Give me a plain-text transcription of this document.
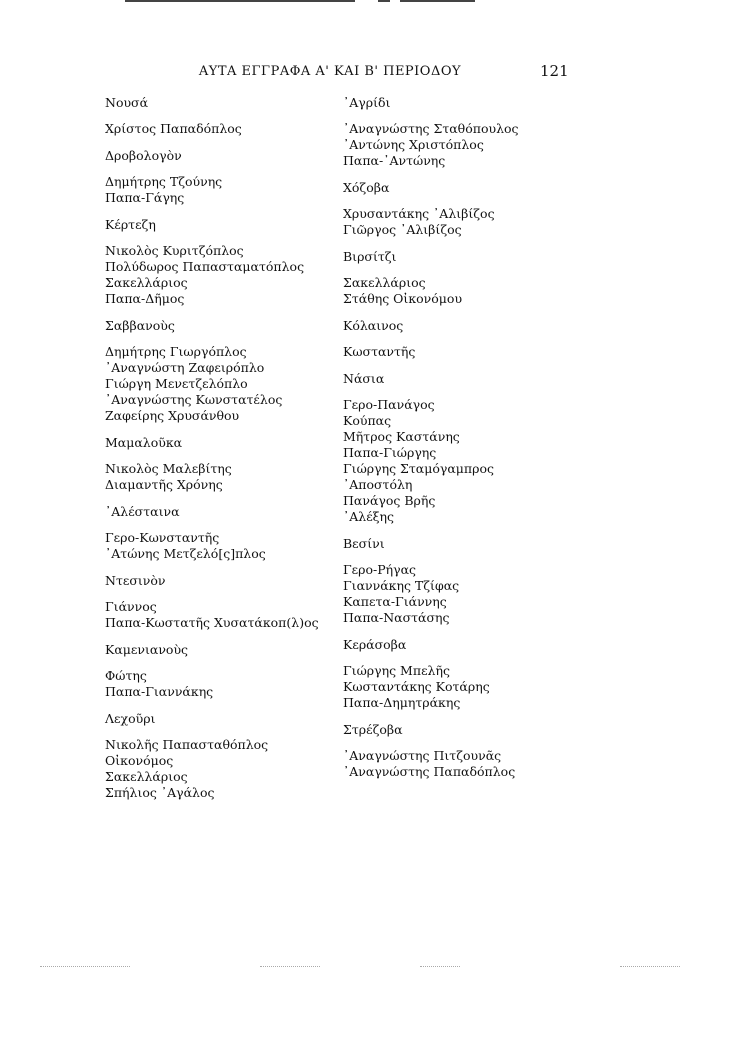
ΑΥΤΑ ΕΓΓΡΑΦΑ Α' ΚΑΙ Β' ΠΕΡΙΟΔΟΥ	121
Νουσά
Χρίστος Παπαδόπλος
Δροβολογὸν
Δημήτρης Τζούνης
Παπα-Γάγης
Κέρτεζη
Νικολὸς Κυριτζόπλος
Πολύδωρος Παπασταματόπλος
Σακελλάριος
Παπα-Δῆμος
Σαββανοὺς
Δημήτρης Γιωργόπλος
᾿Αναγνώστη Ζαφειρόπλο
Γιώργη Μενετζελόπλο
᾿Αναγνώστης Κωνστατέλος
Ζαφείρης Χρυσάνθου
Μαμαλοῦκα
Νικολὸς Μαλεβίτης
Διαμαντῆς Χρόνης
᾿Αλέσταινα
Γερο-Κωνσταντῆς
᾿Ατώνης Μετζελό[ς]πλος
Ντεσινὸν
Γιάννος
Παπα-Κωστατῆς Χυσατάκοπ(λ)ος
Καμενιανοὺς
Φώτης
Παπα-Γιαννάκης
Λεχοῦρι
Νικολῆς Παπασταθόπλος
Οἰκονόμος
Σακελλάριος
Σπήλιος ᾿Αγάλος
᾿Αγρίδι
᾿Αναγνώστης Σταθόπουλος
᾿Αντώνης Χριστόπλος
Παπα-᾿Αντώνης
Χόζοβα
Χρυσαντάκης ᾿Αλιβίζος
Γιῶργος ᾿Αλιβίζος
Βιρσίτζι
Σακελλάριος
Στάθης Οἰκονόμου
Κόλαινος
Κωσταντῆς
Νάσια
Γερο-Πανάγος
Κούπας
Μῆτρος Καστάνης
Παπα-Γιώργης
Γιώργης Σταμόγαμπρος
᾿Αποστόλη
Πανάγος Βρῆς
᾿Αλέξης
Βεσίνι
Γερο-Ρήγας
Γιαννάκης Τζίφας
Καπετα-Γιάννης
Παπα-Ναστάσης
Κεράσοβα
Γιώργης Μπελῆς
Κωσταντάκης Κοτάρης
Παπα-Δημητράκης
Στρέζοβα
᾿Αναγνώστης Πιτζουνᾶς
᾿Αναγνώστης Παπαδόπλος
